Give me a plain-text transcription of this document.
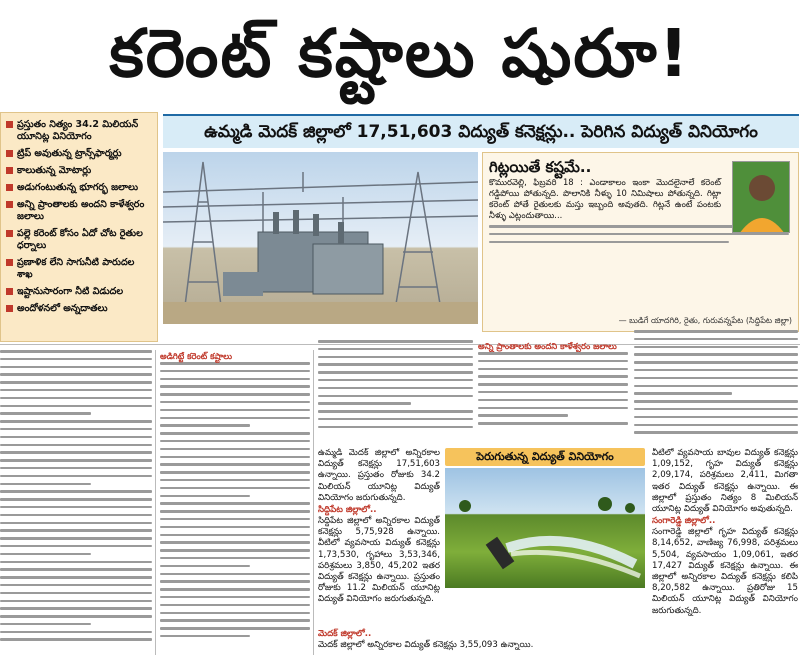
కరెంట్ కష్టాలు షురూ!
ప్రస్తుతం నిత్యం 34.2 మిలియన్ యూనిట్ల వినియోగం
ట్రిప్ అవుతున్న ట్రాన్స్‌ఫార్మర్లు
కాలుతున్న మోటార్లు
అడుగంటుతున్న భూగర్భ జలాలు
అన్ని ప్రాంతాలకు అందని కాళేశ్వరం జలాలు
పల్లె కరెంట్ కోసం ఏదో చోట రైతుల ధర్నాలు
ప్రణాళిక లేని సాగునీటి పారుదల శాఖ
ఇష్టానుసారంగా నీటి విడుదల
అందోళనలో అన్నదాతలు
ఉమ్మడి మెదక్ జిల్లాలో 17,51,603 విద్యుత్ కనెక్షన్లు.. పెరిగిన విద్యుత్ వినియోగం
గిట్లయితే కష్టమే..
కొమురవెల్లి, ఫిబ్రవరి 18 : ఎండాకాలం ఇంకా మొదలైనాలే కరెంట్ గడ్డిపోయి పోతున్నది. పొలానికి నీళ్ళు 10 నిమిషాలు పోతున్నది. గిట్లా కరెంట్ పోతే రైతులకు మస్తు ఇబ్బంది అవుతది. గిట్లనే ఉంటే పంటకు నీళ్ళు ఎట్లందుతాయి...
— బుడిగే యాదగిరి, రైతు, గురువన్నపేట (సిద్దిపేట జిల్లా)
అడిగిట్టే కరెంట్ కష్టాలు
అన్ని ప్రాంతాలకు అందని కాళేశ్వరం జలాలు
పెరుగుతున్న విద్యుత్ వినియోగం
ఉమ్మడి మెదక్ జిల్లాలో అన్నిరకాల విద్యుత్ కనెక్షన్లు 17,51,603 ఉన్నాయి. ప్రస్తుతం రోజుకు 34.2 మిలియన్ యూనిట్ల విద్యుత్ వినియోగం జరుగుతున్నది.
సిద్దిపేట జిల్లాలో..
సిద్దిపేట జిల్లాలో అన్నిరకాల విద్యుత్ కనెక్షన్లు 5,75,928 ఉన్నాయి. వీటిలో వ్యవసాయ విద్యుత్ కనెక్షన్లు 1,73,530, గృహాలు 3,53,346, పరిశ్రమలు 3,850, 45,202 ఇతర విద్యుత్ కనెక్షన్లు ఉన్నాయి. ప్రస్తుతం రోజుకు 11.2 మిలియన్ యూనిట్ల విద్యుత్ వినియోగం జరుగుతున్నది.
మెదక్ జిల్లాలో..
మెదక్ జిల్లాలో అన్నిరకాల విద్యుత్ కనెక్షన్లు 3,55,093 ఉన్నాయి.
వీటిలో వ్యవసాయ బావుల విద్యుత్ కనెక్షన్లు 1,09,152, గృహ విద్యుత్ కనెక్షన్లు 2,09,174, పరిశ్రమలు 2,411, మిగతా ఇతర విద్యుత్ కనెక్షన్లు ఉన్నాయి. ఈ జిల్లాలో ప్రస్తుతం నిత్యం 8 మిలియన్ యూనిట్ల విద్యుత్ వినియోగం అవుతున్నది.
సంగారెడ్డి జిల్లాలో..
సంగారెడ్డి జిల్లాలో గృహ విద్యుత్ కనెక్షన్లు 8,14,652, వాణిజ్య 76,998, పరిశ్రమలు 5,504, వ్యవసాయం 1,09,061, ఇతర 17,427 విద్యుత్ కనెక్షన్లు ఉన్నాయి. ఈ జిల్లాలో అన్నిరకాల విద్యుత్ కనెక్షన్లు కలిపి 8,20,582 ఉన్నాయి. ప్రతిరోజు 15 మిలియన్ యూనిట్ల విద్యుత్ వినియోగం జరుగుతున్నది.
